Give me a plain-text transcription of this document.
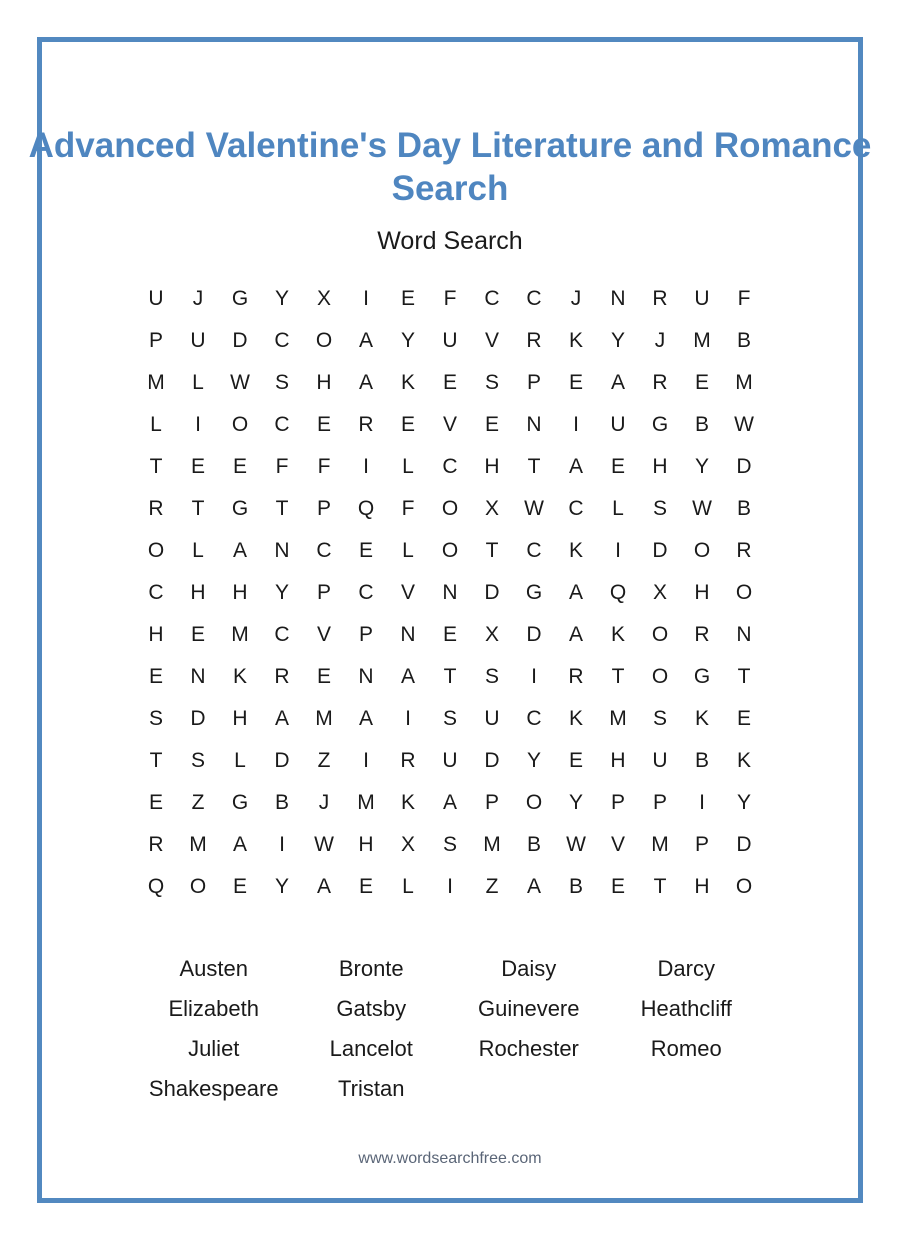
Advanced Valentine's Day Literature and Romance Search
Word Search
U	J	G	Y	X	I	E	F	C	C	J	N	R	U	F
P	U	D	C	O	A	Y	U	V	R	K	Y	J	M	B
M	L	W	S	H	A	K	E	S	P	E	A	R	E	M
L	I	O	C	E	R	E	V	E	N	I	U	G	B	W
T	E	E	F	F	I	L	C	H	T	A	E	H	Y	D
R	T	G	T	P	Q	F	O	X	W	C	L	S	W	B
O	L	A	N	C	E	L	O	T	C	K	I	D	O	R
C	H	H	Y	P	C	V	N	D	G	A	Q	X	H	O
H	E	M	C	V	P	N	E	X	D	A	K	O	R	N
E	N	K	R	E	N	A	T	S	I	R	T	O	G	T
S	D	H	A	M	A	I	S	U	C	K	M	S	K	E
T	S	L	D	Z	I	R	U	D	Y	E	H	U	B	K
E	Z	G	B	J	M	K	A	P	O	Y	P	P	I	Y
R	M	A	I	W	H	X	S	M	B	W	V	M	P	D
Q	O	E	Y	A	E	L	I	Z	A	B	E	T	H	O
Austen	Bronte	Daisy	Darcy
Elizabeth	Gatsby	Guinevere	Heathcliff
Juliet	Lancelot	Rochester	Romeo
Shakespeare	Tristan
www.wordsearchfree.com
